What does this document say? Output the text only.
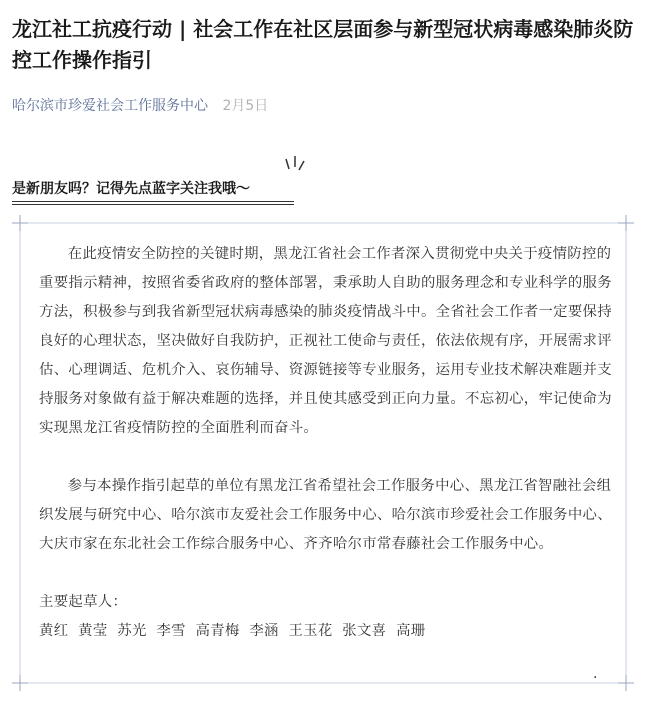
龙江社工抗疫行动 | 社会工作在社区层面参与新型冠状病毒感染肺炎防控工作操作指引
哈尔滨市珍爱社会工作服务中心 2月5日
是新朋友吗？记得先点蓝字关注我哦～

在此疫情安全防控的关键时期，黑龙江省社会工作者深入贯彻党中央关于疫情防控的重要指示精神，按照省委省政府的整体部署，秉承助人自助的服务理念和专业科学的服务方法，积极参与到我省新型冠状病毒感染的肺炎疫情战斗中。全省社会工作者一定要保持良好的心理状态，坚决做好自我防护，正视社工使命与责任，依法依规有序，开展需求评估、心理调适、危机介入、哀伤辅导、资源链接等专业服务，运用专业技术解决难题并支持服务对象做有益于解决难题的选择，并且使其感受到正向力量。不忘初心，牢记使命为实现黑龙江省疫情防控的全面胜利而奋斗。

参与本操作指引起草的单位有黑龙江省希望社会工作服务中心、黑龙江省智融社会组织发展与研究中心、哈尔滨市友爱社会工作服务中心、哈尔滨市珍爱社会工作服务中心、大庆市家在东北社会工作综合服务中心、齐齐哈尔市常春藤社会工作服务中心。

主要起草人：

黄红  黄莹  苏光  李雪  高青梅  李涵  王玉花  张文喜  高珊

.
